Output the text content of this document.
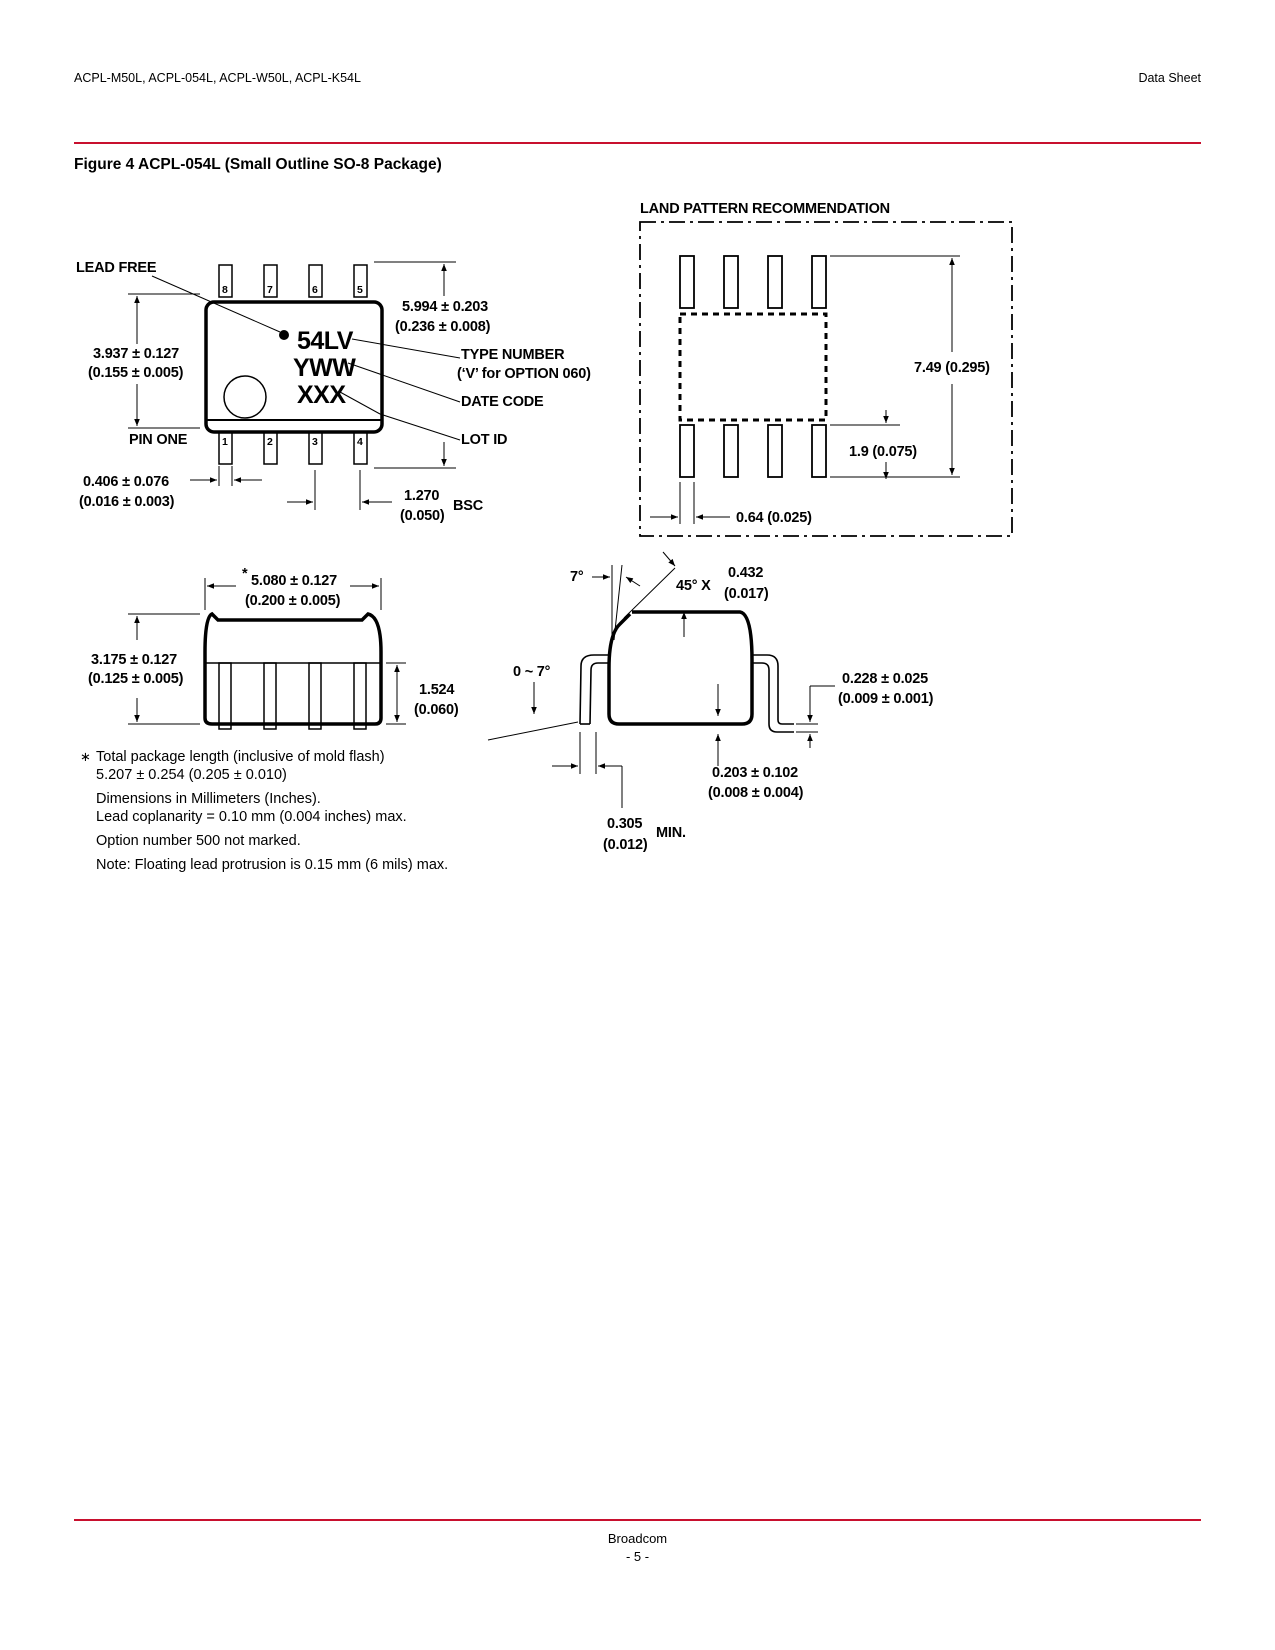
ACPL-M50L, ACPL-054L, ACPL-W50L, ACPL-K54L	Data Sheet
Figure 4 ACPL-054L (Small Outline SO-8 Package)
8	7	6	5
1	2	3	4
54LV
YWW
XXX
LEAD FREE
TYPE NUMBER
(‘V’ for OPTION 060)
DATE CODE
LOT ID
PIN ONE
3.937 ± 0.127
(0.155 ± 0.005)
5.994 ± 0.203
(0.236 ± 0.008)
0.406 ± 0.076
(0.016 ± 0.003)	1.270
(0.050)
BSC
LAND PATTERN RECOMMENDATION
7.49 (0.295)
1.9 (0.075)
0.64 (0.025)
* 5.080 ± 0.127
(0.200 ± 0.005)
3.175 ± 0.127
(0.125 ± 0.005)
1.524
(0.060)
7°
45° X
0.432
(0.017)
0 ~ 7°	0.228 ± 0.025
(0.009 ± 0.001)
0.203 ± 0.102
(0.008 ± 0.004)
0.305
(0.012)
MIN.
∗ Total package length (inclusive of mold flash)
5.207 ± 0.254 (0.205 ± 0.010)
Dimensions in Millimeters (Inches).
Lead coplanarity = 0.10 mm (0.004 inches) max.
Option number 500 not marked.
Note: Floating lead protrusion is 0.15 mm (6 mils) max.
Broadcom
- 5 -
